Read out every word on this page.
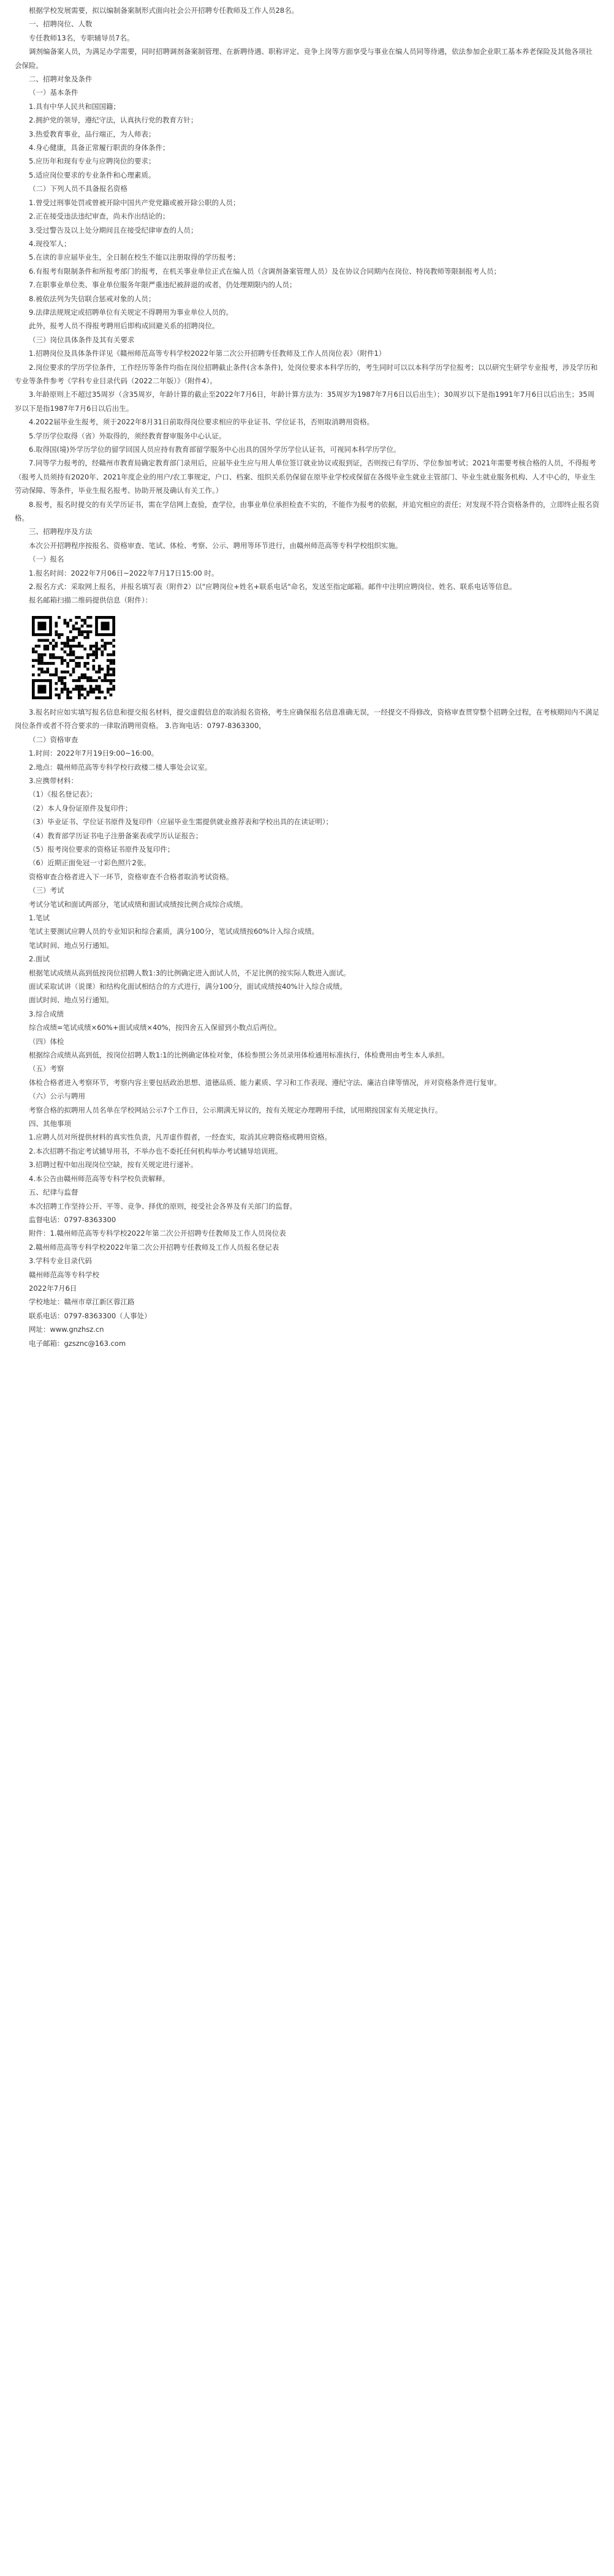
根据学校发展需要，拟以编制备案制形式面向社会公开招聘专任教师及工作人员28名。

一、招聘岗位、人数

专任教师13名，专职辅导员7名。

调剂编备案人员，为满足办学需要，同时招聘调剂备案制管理、在新聘待遇、职称评定、竞争上岗等方面享受与事业在编人员同等待遇，依法参加企业职工基本养老保险及其他各项社会保险。

二、招聘对象及条件

（一）基本条件

1.具有中华人民共和国国籍；

2.拥护党的领导，遵纪守法，认真执行党的教育方针；

3.热爱教育事业，品行端正，为人师表；

4.身心健康，具备正常履行职责的身体条件；

5.应历年和现有专业与应聘岗位的要求；

5.适应岗位要求的专业条件和心理素质。

（二）下列人员不具备报名资格

1.曾受过刑事处罚或曾被开除中国共产党党籍或被开除公职的人员；

2.正在接受违法违纪审查，尚未作出结论的；

3.受过警告及以上处分期间且在接受纪律审查的人员；

4.现役军人；

5.在读的非应届毕业生，全日制在校生不能以注册取得的学历报考；

6.有报考有限制条件和所报考部门的报考，在机关事业单位正式在编人员（含调剂备案管理人员）及在协议合同期内在岗位、特岗教师等限制报考人员；

7.在职事业单位类、事业单位服务年限严重违纪被辞退的或者，仍处理期限内的人员；

8.被依法列为失信联合惩戒对象的人员；

9.法律法规规定或招聘单位有关规定不得聘用为事业单位人员的。

此外，报考人员不得报考聘用后即构成回避关系的招聘岗位。

（三）岗位具体条件及其有关要求

1.招聘岗位及具体条件详见《赣州师范高等专科学校2022年第二次公开招聘专任教师及工作人员岗位表》（附件1）

2.岗位要求的学历学位条件，工作经历等条件均指在岗位招聘截止条件(含本条件)，处岗位要求本科学历的，考生同时可以以本科学历学位报考；以以研究生研学专业报考，涉及学历和专业等条件参考《学科专业目录代码（2022二年版）》（附件4）。

3.年龄原则上不超过35周岁（含35周岁，年龄计算的截止至2022年7月6日，年龄计算方法为：35周岁为1987年7月6日以后出生）；30周岁以下是指1991年7月6日以后出生；35周岁以下是指1987年7月6日以后出生。

4.2022届毕业生报考，须于2022年8月31日前取得岗位要求相应的毕业证书、学位证书，否则取消聘用资格。

5.学历学位取得（省）外取得的，须经教育督审服务中心认证。

6.取得国(境)外学历学位的留学回国人员应持有教育部留学服务中心出具的国外学历学位认证书，可视同本科学历学位。

7.同等学力报考的，经赣州市教育局确定教育部门录用后，应届毕业生应与用人单位签订就业协议或报到证，否则按已有学历、学位参加考试；2021年需要考核合格的人员，不得报考（报考人员须持有2020年、2021年度企业的用户/农工事规定，户口、档案、组织关系仍保留在原毕业学校或保留在各级毕业生就业主管部门、毕业生就业服务机构、人才中心的，毕业生劳动保障、等条件，毕业生报名报考、协助开展及确认有关工作。）

8.报考，报名时提交的有关学历证书，需在学信网上查验，查学位，由事业单位承担检查不实的，不能作为报考的依据，并追究相应的责任；对发现不符合资格条件的，立即终止报名资格。

三、招聘程序及方法

本次公开招聘程序按报名、资格审查、笔试、体检、考察、公示、聘用等环节进行，由赣州师范高等专科学校组织实施。

（一）报名

1.报名时间：2022年7月06日~2022年7月17日15:00 时。

2.报名方式：采取网上报名，并报名填写表（附件2）以"应聘岗位+姓名+联系电话"命名，发送至指定邮箱。邮件中注明应聘岗位、姓名、联系电话等信息。

报名邮箱扫描二维码提供信息（附件）：

3.报名时应如实填写报名信息和提交报名材料，提交虚假信息的取消报名资格，考生应确保报名信息准确无误，一经提交不得修改，资格审查贯穿整个招聘全过程，在考核期间内不满足岗位条件或者不符合要求的一律取消聘用资格。 3.咨询电话：0797-8363300，

（二）资格审查

1.时间：2022年7月19日9:00~16:00。

2.地点：赣州师范高等专科学校行政楼二楼人事处会议室。

3.应携带材料：

（1）《报名登记表》；

（2）本人身份证原件及复印件；

（3）毕业证书、学位证书原件及复印件（应届毕业生需提供就业推荐表和学校出具的在读证明）；

（4）教育部学历证书电子注册备案表或学历认证报告；

（5）报考岗位要求的资格证书原件及复印件；

（6）近期正面免冠一寸彩色照片2张。

资格审查合格者进入下一环节，资格审查不合格者取消考试资格。

（三）考试

考试分笔试和面试两部分，笔试成绩和面试成绩按比例合成综合成绩。

1.笔试

笔试主要测试应聘人员的专业知识和综合素质，满分100分，笔试成绩按60%计入综合成绩。

笔试时间、地点另行通知。

2.面试

根据笔试成绩从高到低按岗位招聘人数1:3的比例确定进入面试人员，不足比例的按实际人数进入面试。

面试采取试讲（说课）和结构化面试相结合的方式进行，满分100分，面试成绩按40%计入综合成绩。

面试时间、地点另行通知。

3.综合成绩

综合成绩=笔试成绩×60%+面试成绩×40%，按四舍五入保留到小数点后两位。

（四）体检

根据综合成绩从高到低，按岗位招聘人数1:1的比例确定体检对象，体检参照公务员录用体检通用标准执行，体检费用由考生本人承担。

（五）考察

体检合格者进入考察环节，考察内容主要包括政治思想、道德品质、能力素质、学习和工作表现、遵纪守法、廉洁自律等情况，并对资格条件进行复审。

（六）公示与聘用

考察合格的拟聘用人员名单在学校网站公示7个工作日，公示期满无异议的，按有关规定办理聘用手续，试用期按国家有关规定执行。

四、其他事项

1.应聘人员对所提供材料的真实性负责，凡弄虚作假者，一经查实，取消其应聘资格或聘用资格。

2.本次招聘不指定考试辅导用书，不举办也不委托任何机构举办考试辅导培训班。

3.招聘过程中如出现岗位空缺，按有关规定进行递补。

4.本公告由赣州师范高等专科学校负责解释。

五、纪律与监督

本次招聘工作坚持公开、平等、竞争、择优的原则，接受社会各界及有关部门的监督。

监督电话：0797-8363300

附件：1.赣州师范高等专科学校2022年第二次公开招聘专任教师及工作人员岗位表

2.赣州师范高等专科学校2022年第二次公开招聘专任教师及工作人员报名登记表

3.学科专业目录代码

赣州师范高等专科学校

2022年7月6日

学校地址：赣州市章江新区蓉江路

联系电话：0797-8363300（人事处）

网址：www.gnzhsz.cn

电子邮箱：gzsznc@163.com
